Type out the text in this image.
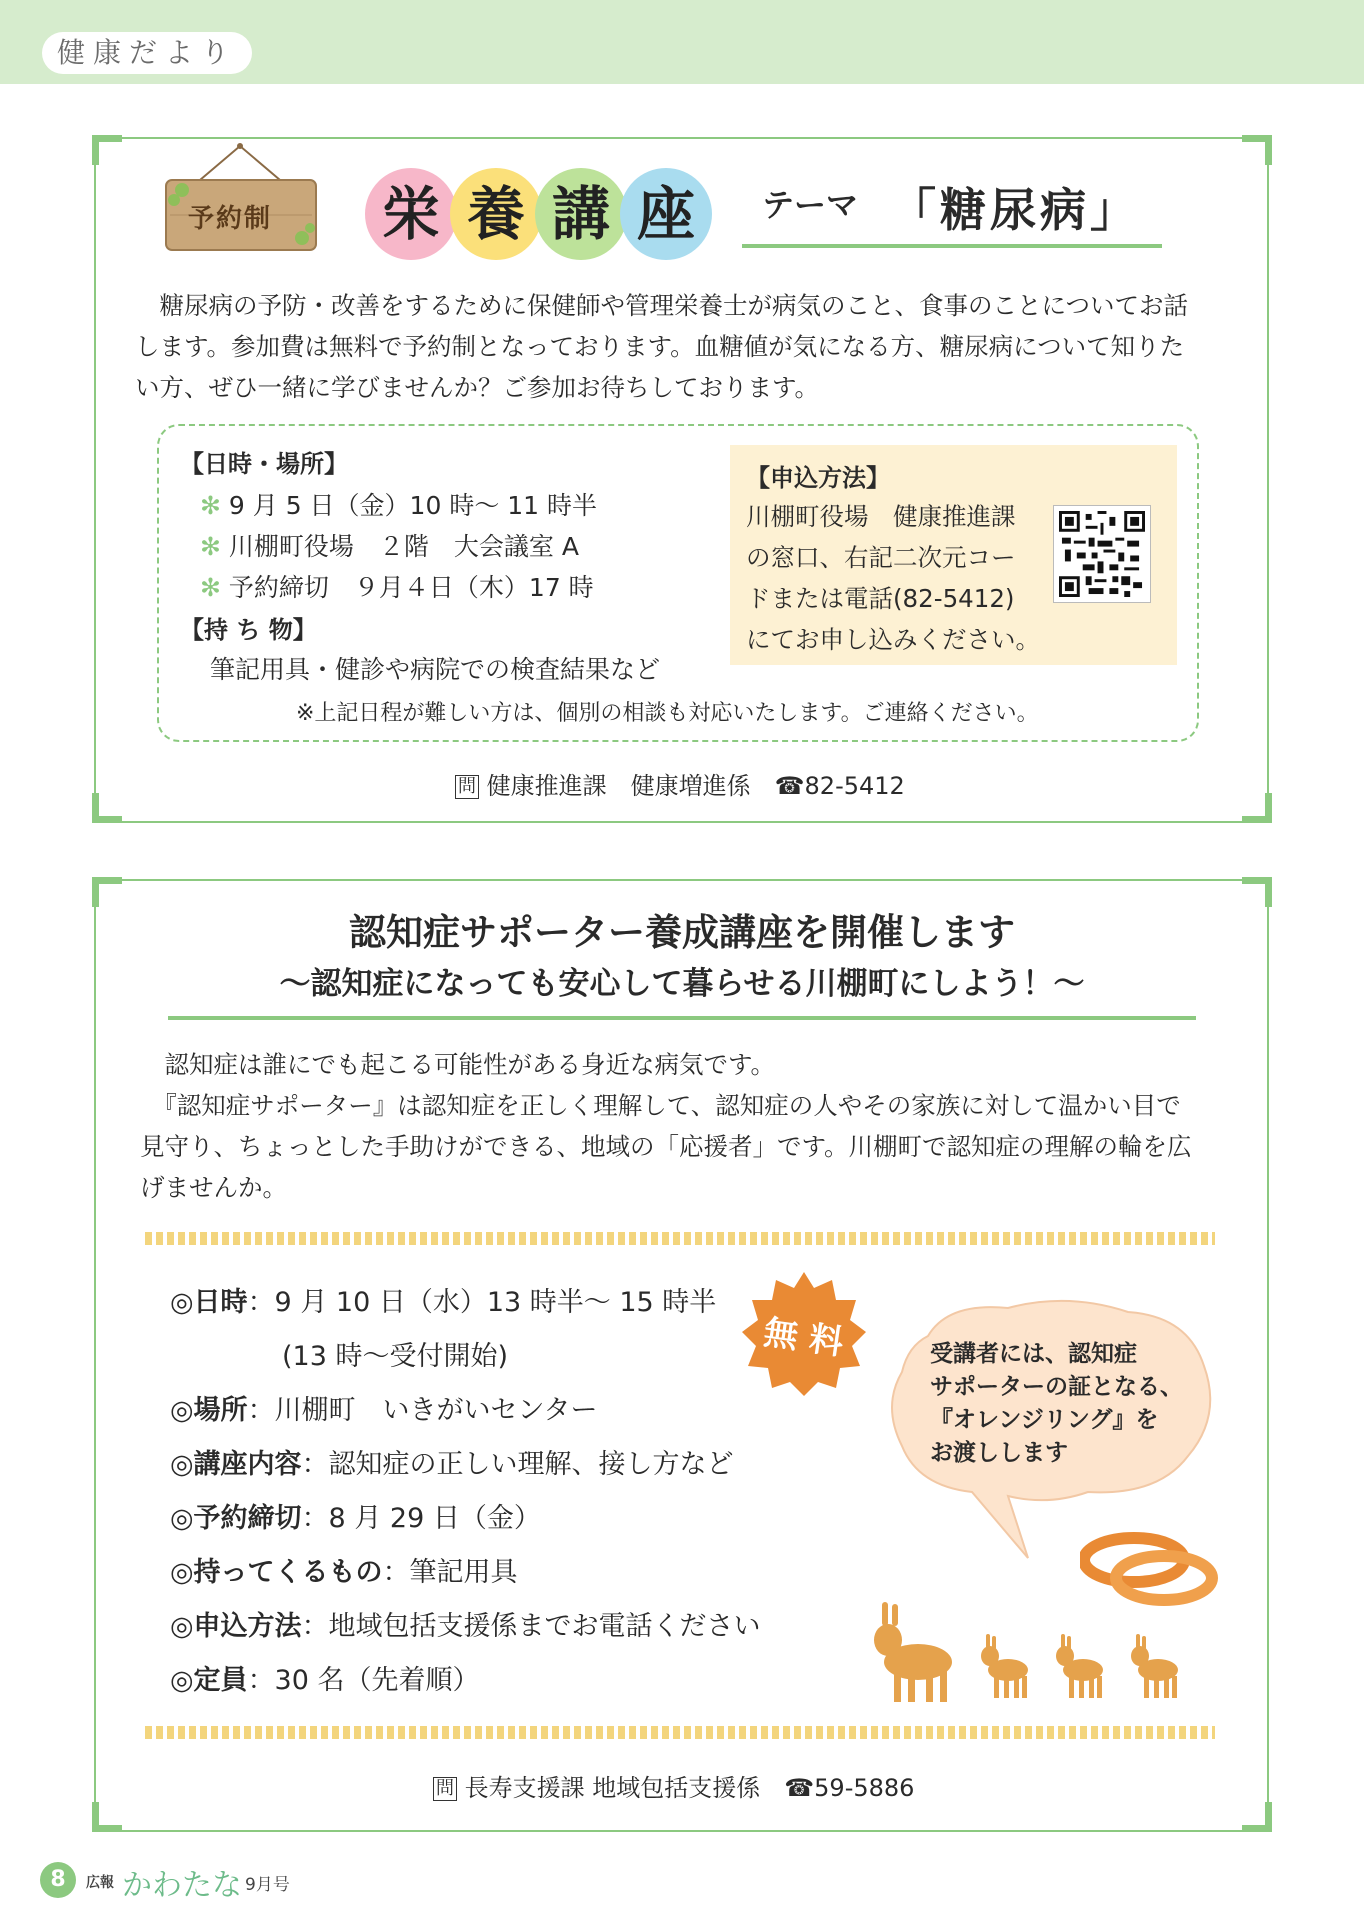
健康だより
予約制 栄 養 講 座	テーマ 「糖尿病」
　糖尿病の予防・改善をするために保健師や管理栄養士が病気のこと、食事のことについてお話
します。参加費は無料で予約制となっております。血糖値が気になる方、糖尿病について知りた
い方、ぜひ一緒に学びませんか？ご参加お待ちしております。
【日時・場所】
✻ 9 月 5 日（金）10 時〜 11 時半
✻ 川棚町役場　２階　大会議室 A
✻ 予約締切　９月４日（木）17 時
【持 ち 物】
筆記用具・健診や病院での検査結果など
【申込方法】
川棚町役場　健康推進課
の窓口、右記二次元コー
ドまたは電話(82-5412)
にてお申し込みください。
※上記日程が難しい方は、個別の相談も対応いたします。ご連絡ください。
問 健康推進課　健康増進係　☎82-5412
認知症サポーター養成講座を開催します
〜認知症になっても安心して暮らせる川棚町にしよう！〜
　認知症は誰にでも起こる可能性がある身近な病気です。
　『認知症サポーター』は認知症を正しく理解して、認知症の人やその家族に対して温かい目で
見守り、ちょっとした手助けができる、地域の「応援者」です。川棚町で認知症の理解の輪を広
げませんか。
◎日時：9 月 10 日（水）13 時半〜 15 時半
(13 時〜受付開始)
◎場所：川棚町　いきがいセンター
◎講座内容：認知症の正しい理解、接し方など
◎予約締切：8 月 29 日（金）
◎持ってくるもの：筆記用具
◎申込方法：地域包括支援係までお電話ください
◎定員：30 名（先着順）
無 料	受講者には、認知症
サポーターの証となる、
『オレンジリング』を
お渡しします
問 長寿支援課 地域包括支援係　☎59-5886
8	広報 かわたな 9月号
